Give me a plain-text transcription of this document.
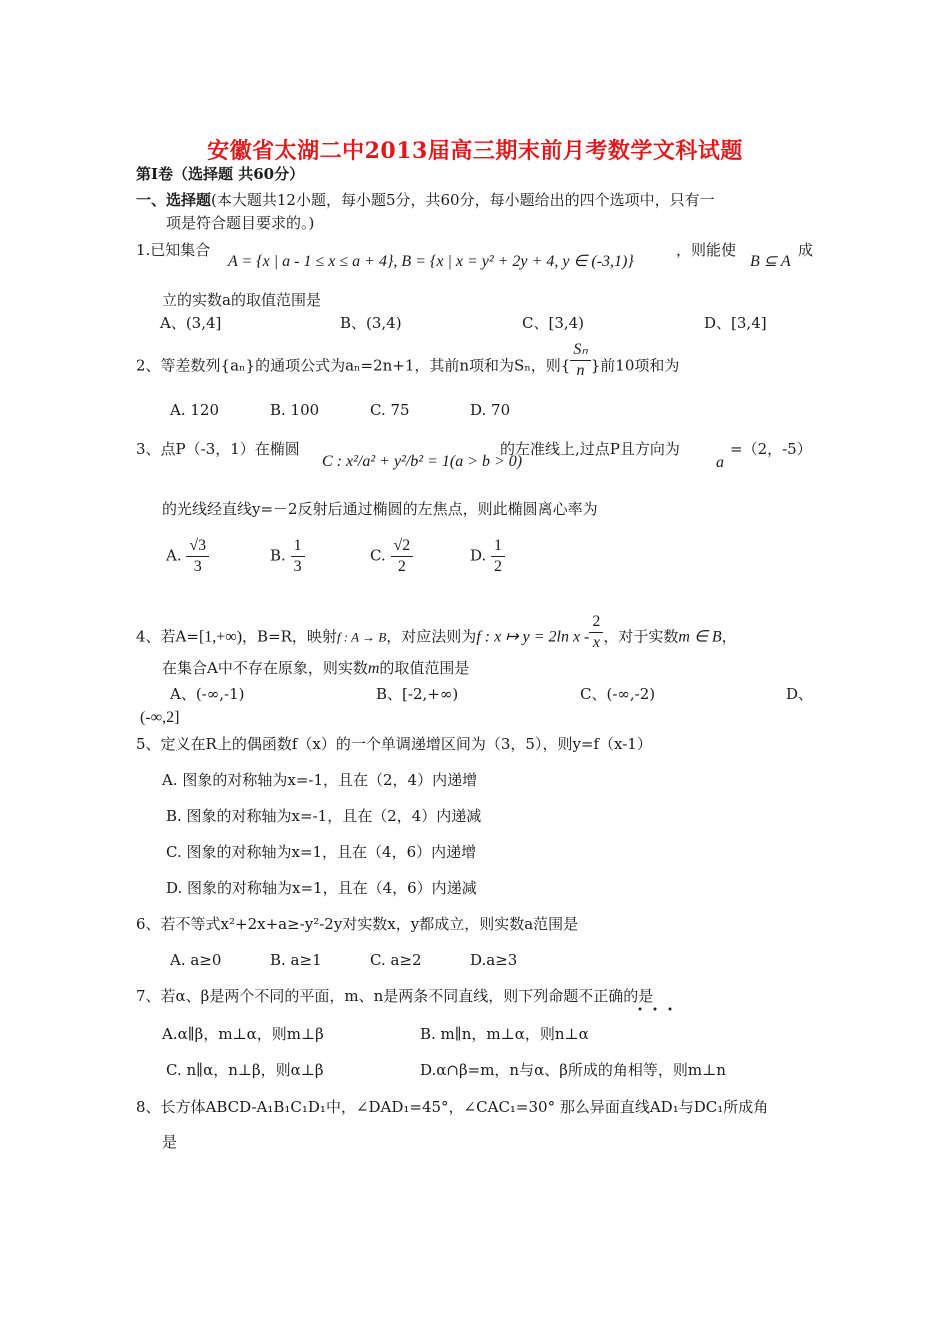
安徽省太湖二中2013届高三期末前月考数学文科试题
第Ⅰ卷（选择题 共60分）
一、选择题(本大题共12小题，每小题5分，共60分，每小题给出的四个选项中，只有一
项是符合题目要求的。)
1.已知集合
A = {x | a - 1 ≤ x ≤ a + 4}, B = {x | x = y² + 2y + 4, y ∈ (-3,1)}
，则能使
B ⊆ A
成
立的实数a的取值范围是
A、(3,4]	B、(3,4)	C、[3,4)	D、[3,4]
2、等差数列{aₙ}的通项公式为aₙ=2n+1，其前n项和为Sₙ，则{ $\frac{\text{Sₙ}}{n}$ }前10项和为
A. 120	B. 100	C. 75	D. 70
3、点P（-3，1）在椭圆
C : x²/a² + y²/b² = 1(a > b > 0)
的左准线上,过点P且方向为
a
=（2，-5）
的光线经直线y=－2反射后通过椭圆的左焦点，则此椭圆离心率为
A. $\frac{√3}{3}$	B. $\frac{1}{3}$	C. $\frac{√2}{2}$	D. $\frac{1}{2}$
4、若A=[1,+∞)，B=R，映射f : A → B，对应法则为f : x ↦ y = 2ln x - $\frac{2}{x}$ ，对于实数m ∈ B，
在集合A中不存在原象，则实数m的取值范围是
A、(-∞,-1)	B、[-2,+∞)	C、(-∞,-2)	D、
(-∞,2]
5、定义在R上的偶函数f（x）的一个单调递增区间为（3，5），则y=f（x-1）
A. 图象的对称轴为x=-1，且在（2，4）内递增
B. 图象的对称轴为x=-1，且在（2，4）内递减
C. 图象的对称轴为x=1，且在（4，6）内递增
D. 图象的对称轴为x=1，且在（4，6）内递减
6、若不等式x²+2x+a≥-y²-2y对实数x，y都成立，则实数a范围是
A. a≥0	B. a≥1	C. a≥2	D.a≥3
7、若α、β是两个不同的平面，m、n是两条不同直线，则下列命题不正确的是
A.α∥β，m⊥α，则m⊥β	B. m∥n，m⊥α，则n⊥α
C. n∥α，n⊥β，则α⊥β	D.α∩β=m，n与α、β所成的角相等，则m⊥n
8、长方体ABCD-A₁B₁C₁D₁中，∠DAD₁=45°，∠CAC₁=30° 那么异面直线AD₁与DC₁所成角
是
